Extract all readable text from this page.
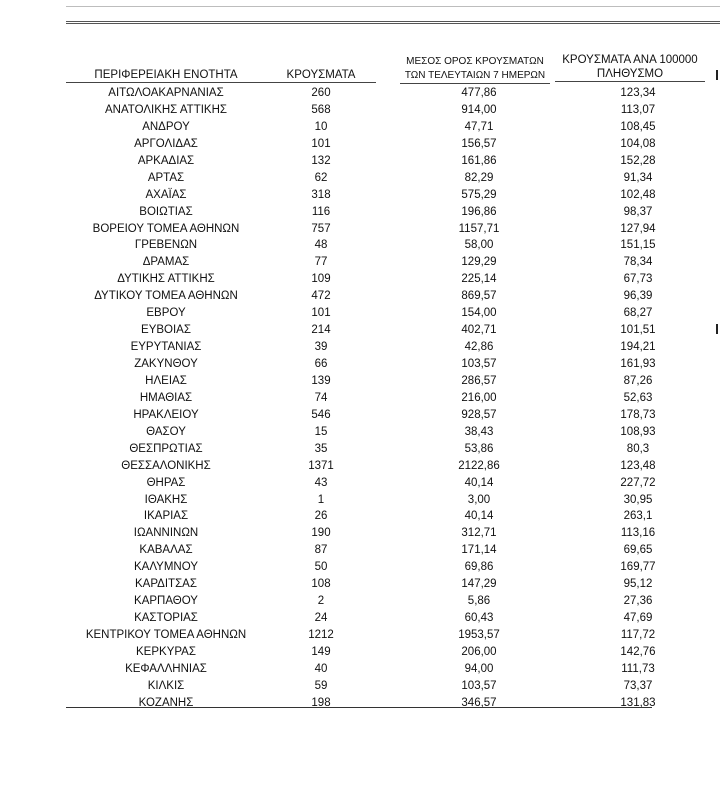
ΠΕΡΙΦΕΡΕΙΑΚΗ ΕΝΟΤΗΤΑ	ΚΡΟΥΣΜΑΤΑ
ΜΕΣΟΣ ΟΡΟΣ ΚΡΟΥΣΜΑΤΩΝ
ΤΩΝ ΤΕΛΕΥΤΑΙΩΝ 7 ΗΜΕΡΩΝ
ΚΡΟΥΣΜΑΤΑ ΑΝΑ 100000
ΠΛΗΘΥΣΜΟ
ΑΙΤΩΛΟΑΚΑΡΝΑΝΙΑΣ	260	477,86	123,34
ΑΝΑΤΟΛΙΚΗΣ ΑΤΤΙΚΗΣ	568	914,00	113,07
ΑΝΔΡΟΥ	10	47,71	108,45
ΑΡΓΟΛΙΔΑΣ	101	156,57	104,08
ΑΡΚΑΔΙΑΣ	132	161,86	152,28
ΑΡΤΑΣ	62	82,29	91,34
ΑΧΑΪΑΣ	318	575,29	102,48
ΒΟΙΩΤΙΑΣ	116	196,86	98,37
ΒΟΡΕΙΟΥ ΤΟΜΕΑ ΑΘΗΝΩΝ	757	1157,71	127,94
ΓΡΕΒΕΝΩΝ	48	58,00	151,15
ΔΡΑΜΑΣ	77	129,29	78,34
ΔΥΤΙΚΗΣ ΑΤΤΙΚΗΣ	109	225,14	67,73
ΔΥΤΙΚΟΥ ΤΟΜΕΑ ΑΘΗΝΩΝ	472	869,57	96,39
ΕΒΡΟΥ	101	154,00	68,27
ΕΥΒΟΙΑΣ	214	402,71	101,51
ΕΥΡΥΤΑΝΙΑΣ	39	42,86	194,21
ΖΑΚΥΝΘΟΥ	66	103,57	161,93
ΗΛΕΙΑΣ	139	286,57	87,26
ΗΜΑΘΙΑΣ	74	216,00	52,63
ΗΡΑΚΛΕΙΟΥ	546	928,57	178,73
ΘΑΣΟΥ	15	38,43	108,93
ΘΕΣΠΡΩΤΙΑΣ	35	53,86	80,3
ΘΕΣΣΑΛΟΝΙΚΗΣ	1371	2122,86	123,48
ΘΗΡΑΣ	43	40,14	227,72
ΙΘΑΚΗΣ	1	3,00	30,95
ΙΚΑΡΙΑΣ	26	40,14	263,1
ΙΩΑΝΝΙΝΩΝ	190	312,71	113,16
ΚΑΒΑΛΑΣ	87	171,14	69,65
ΚΑΛΥΜΝΟΥ	50	69,86	169,77
ΚΑΡΔΙΤΣΑΣ	108	147,29	95,12
ΚΑΡΠΑΘΟΥ	2	5,86	27,36
ΚΑΣΤΟΡΙΑΣ	24	60,43	47,69
ΚΕΝΤΡΙΚΟΥ ΤΟΜΕΑ ΑΘΗΝΩΝ	1212	1953,57	117,72
ΚΕΡΚΥΡΑΣ	149	206,00	142,76
ΚΕΦΑΛΛΗΝΙΑΣ	40	94,00	111,73
ΚΙΛΚΙΣ	59	103,57	73,37
ΚΟΖΑΝΗΣ	198	346,57	131,83
